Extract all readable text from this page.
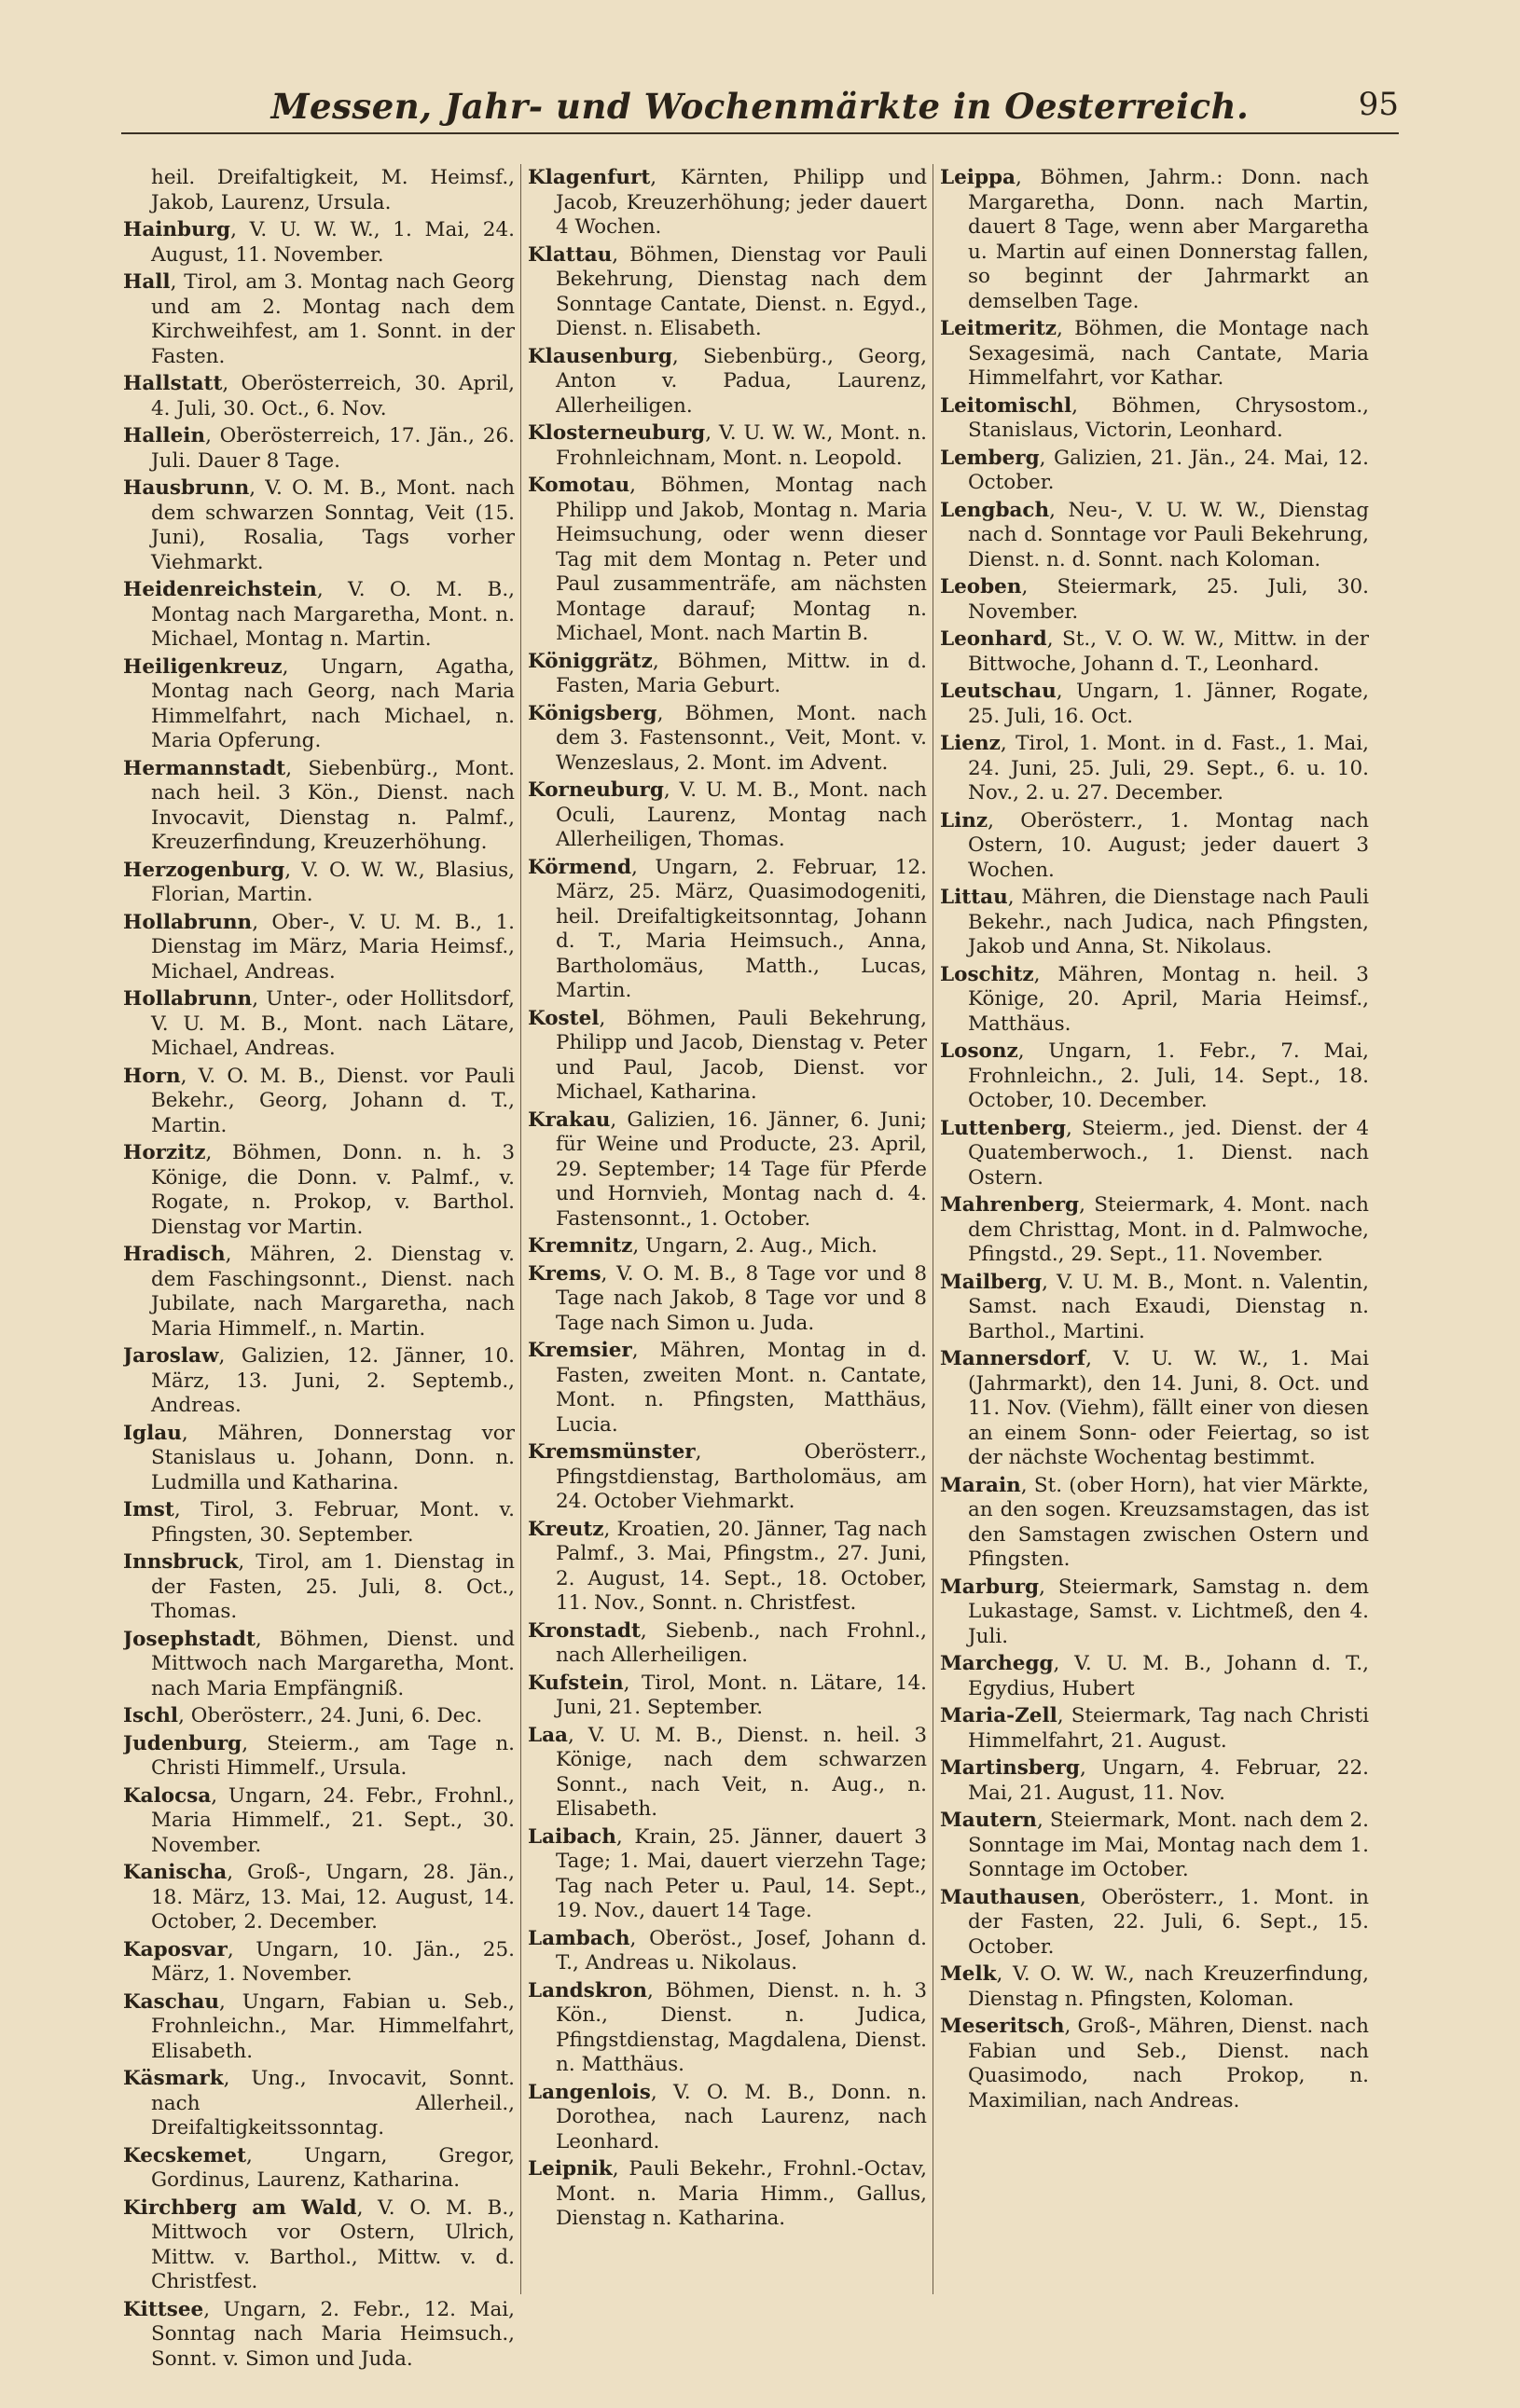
Messen, Jahr- und Wochenmärkte in Oesterreich.	95

heil. Dreifaltigkeit, M. Heimsf., Jakob, Laurenz, Ursula.

Hainburg, V. U. W. W., 1. Mai, 24. August, 11. November.

Hall, Tirol, am 3. Montag nach Georg und am 2. Montag nach dem Kirchweihfest, am 1. Sonnt. in der Fasten.

Hallstatt, Oberösterreich, 30. April, 4. Juli, 30. Oct., 6. Nov.

Hallein, Oberösterreich, 17. Jän., 26. Juli. Dauer 8 Tage.

Hausbrunn, V. O. M. B., Mont. nach dem schwarzen Sonntag, Veit (15. Juni), Rosalia, Tags vorher Viehmarkt.

Heidenreichstein, V. O. M. B., Montag nach Margaretha, Mont. n. Michael, Montag n. Martin.

Heiligenkreuz, Ungarn, Agatha, Montag nach Georg, nach Maria Himmelfahrt, nach Michael, n. Maria Opferung.

Hermannstadt, Siebenbürg., Mont. nach heil. 3 Kön., Dienst. nach Invocavit, Dienstag n. Palmf., Kreuzerfindung, Kreuzerhöhung.

Herzogenburg, V. O. W. W., Blasius, Florian, Martin.

Hollabrunn, Ober-, V. U. M. B., 1. Dienstag im März, Maria Heimsf., Michael, Andreas.

Hollabrunn, Unter-, oder Hollitsdorf, V. U. M. B., Mont. nach Lätare, Michael, Andreas.

Horn, V. O. M. B., Dienst. vor Pauli Bekehr., Georg, Johann d. T., Martin.

Horzitz, Böhmen, Donn. n. h. 3 Könige, die Donn. v. Palmf., v. Rogate, n. Prokop, v. Barthol. Dienstag vor Martin.

Hradisch, Mähren, 2. Dienstag v. dem Faschingsonnt., Dienst. nach Jubilate, nach Margaretha, nach Maria Himmelf., n. Martin.

Jaroslaw, Galizien, 12. Jänner, 10. März, 13. Juni, 2. Septemb., Andreas.

Iglau, Mähren, Donnerstag vor Stanislaus u. Johann, Donn. n. Ludmilla und Katharina.

Imst, Tirol, 3. Februar, Mont. v. Pfingsten, 30. September.

Innsbruck, Tirol, am 1. Dienstag in der Fasten, 25. Juli, 8. Oct., Thomas.

Josephstadt, Böhmen, Dienst. und Mittwoch nach Margaretha, Mont. nach Maria Empfängniß.

Ischl, Oberösterr., 24. Juni, 6. Dec.

Judenburg, Steierm., am Tage n. Christi Himmelf., Ursula.

Kalocsa, Ungarn, 24. Febr., Frohnl., Maria Himmelf., 21. Sept., 30. November.

Kanischa, Groß-, Ungarn, 28. Jän., 18. März, 13. Mai, 12. August, 14. October, 2. December.

Kaposvar, Ungarn, 10. Jän., 25. März, 1. November.

Kaschau, Ungarn, Fabian u. Seb., Frohnleichn., Mar. Himmelfahrt, Elisabeth.

Käsmark, Ung., Invocavit, Sonnt. nach Allerheil., Dreifaltigkeitssonntag.

Kecskemet, Ungarn, Gregor, Gordinus, Laurenz, Katharina.

Kirchberg am Wald, V. O. M. B., Mittwoch vor Ostern, Ulrich, Mittw. v. Barthol., Mittw. v. d. Christfest.

Kittsee, Ungarn, 2. Febr., 12. Mai, Sonntag nach Maria Heimsuch., Sonnt. v. Simon und Juda.

Klagenfurt, Kärnten, Philipp und Jacob, Kreuzerhöhung; jeder dauert 4 Wochen.

Klattau, Böhmen, Dienstag vor Pauli Bekehrung, Dienstag nach dem Sonntage Cantate, Dienst. n. Egyd., Dienst. n. Elisabeth.

Klausenburg, Siebenbürg., Georg, Anton v. Padua, Laurenz, Allerheiligen.

Klosterneuburg, V. U. W. W., Mont. n. Frohnleichnam, Mont. n. Leopold.

Komotau, Böhmen, Montag nach Philipp und Jakob, Montag n. Maria Heimsuchung, oder wenn dieser Tag mit dem Montag n. Peter und Paul zusammenträfe, am nächsten Montage darauf; Montag n. Michael, Mont. nach Martin B.

Königgrätz, Böhmen, Mittw. in d. Fasten, Maria Geburt.

Königsberg, Böhmen, Mont. nach dem 3. Fastensonnt., Veit, Mont. v. Wenzeslaus, 2. Mont. im Advent.

Korneuburg, V. U. M. B., Mont. nach Oculi, Laurenz, Montag nach Allerheiligen, Thomas.

Körmend, Ungarn, 2. Februar, 12. März, 25. März, Quasimodogeniti, heil. Dreifaltigkeitsonntag, Johann d. T., Maria Heimsuch., Anna, Bartholomäus, Matth., Lucas, Martin.

Kostel, Böhmen, Pauli Bekehrung, Philipp und Jacob, Dienstag v. Peter und Paul, Jacob, Dienst. vor Michael, Katharina.

Krakau, Galizien, 16. Jänner, 6. Juni; für Weine und Producte, 23. April, 29. September; 14 Tage für Pferde und Hornvieh, Montag nach d. 4. Fastensonnt., 1. October.

Kremnitz, Ungarn, 2. Aug., Mich.

Krems, V. O. M. B., 8 Tage vor und 8 Tage nach Jakob, 8 Tage vor und 8 Tage nach Simon u. Juda.

Kremsier, Mähren, Montag in d. Fasten, zweiten Mont. n. Cantate, Mont. n. Pfingsten, Matthäus, Lucia.

Kremsmünster, Oberösterr., Pfingstdienstag, Bartholomäus, am 24. October Viehmarkt.

Kreutz, Kroatien, 20. Jänner, Tag nach Palmf., 3. Mai, Pfingstm., 27. Juni, 2. August, 14. Sept., 18. October, 11. Nov., Sonnt. n. Christfest.

Kronstadt, Siebenb., nach Frohnl., nach Allerheiligen.

Kufstein, Tirol, Mont. n. Lätare, 14. Juni, 21. September.

Laa, V. U. M. B., Dienst. n. heil. 3 Könige, nach dem schwarzen Sonnt., nach Veit, n. Aug., n. Elisabeth.

Laibach, Krain, 25. Jänner, dauert 3 Tage; 1. Mai, dauert vierzehn Tage; Tag nach Peter u. Paul, 14. Sept., 19. Nov., dauert 14 Tage.

Lambach, Oberöst., Josef, Johann d. T., Andreas u. Nikolaus.

Landskron, Böhmen, Dienst. n. h. 3 Kön., Dienst. n. Judica, Pfingstdienstag, Magdalena, Dienst. n. Matthäus.

Langenlois, V. O. M. B., Donn. n. Dorothea, nach Laurenz, nach Leonhard.

Leipnik, Pauli Bekehr., Frohnl.-Octav, Mont. n. Maria Himm., Gallus, Dienstag n. Katharina.

Leippa, Böhmen, Jahrm.: Donn. nach Margaretha, Donn. nach Martin, dauert 8 Tage, wenn aber Margaretha u. Martin auf einen Donnerstag fallen, so beginnt der Jahrmarkt an demselben Tage.

Leitmeritz, Böhmen, die Montage nach Sexagesimä, nach Cantate, Maria Himmelfahrt, vor Kathar.

Leitomischl, Böhmen, Chrysostom., Stanislaus, Victorin, Leonhard.

Lemberg, Galizien, 21. Jän., 24. Mai, 12. October.

Lengbach, Neu-, V. U. W. W., Dienstag nach d. Sonntage vor Pauli Bekehrung, Dienst. n. d. Sonnt. nach Koloman.

Leoben, Steiermark, 25. Juli, 30. November.

Leonhard, St., V. O. W. W., Mittw. in der Bittwoche, Johann d. T., Leonhard.

Leutschau, Ungarn, 1. Jänner, Rogate, 25. Juli, 16. Oct.

Lienz, Tirol, 1. Mont. in d. Fast., 1. Mai, 24. Juni, 25. Juli, 29. Sept., 6. u. 10. Nov., 2. u. 27. December.

Linz, Oberösterr., 1. Montag nach Ostern, 10. August; jeder dauert 3 Wochen.

Littau, Mähren, die Dienstage nach Pauli Bekehr., nach Judica, nach Pfingsten, Jakob und Anna, St. Nikolaus.

Loschitz, Mähren, Montag n. heil. 3 Könige, 20. April, Maria Heimsf., Matthäus.

Losonz, Ungarn, 1. Febr., 7. Mai, Frohnleichn., 2. Juli, 14. Sept., 18. October, 10. December.

Luttenberg, Steierm., jed. Dienst. der 4 Quatemberwoch., 1. Dienst. nach Ostern.

Mahrenberg, Steiermark, 4. Mont. nach dem Christtag, Mont. in d. Palmwoche, Pfingstd., 29. Sept., 11. November.

Mailberg, V. U. M. B., Mont. n. Valentin, Samst. nach Exaudi, Dienstag n. Barthol., Martini.

Mannersdorf, V. U. W. W., 1. Mai (Jahrmarkt), den 14. Juni, 8. Oct. und 11. Nov. (Viehm), fällt einer von diesen an einem Sonn- oder Feiertag, so ist der nächste Wochentag bestimmt.

Marain, St. (ober Horn), hat vier Märkte, an den sogen. Kreuzsamstagen, das ist den Samstagen zwischen Ostern und Pfingsten.

Marburg, Steiermark, Samstag n. dem Lukastage, Samst. v. Lichtmeß, den 4. Juli.

Marchegg, V. U. M. B., Johann d. T., Egydius, Hubert

Maria-Zell, Steiermark, Tag nach Christi Himmelfahrt, 21. August.

Martinsberg, Ungarn, 4. Februar, 22. Mai, 21. August, 11. Nov.

Mautern, Steiermark, Mont. nach dem 2. Sonntage im Mai, Montag nach dem 1. Sonntage im October.

Mauthausen, Oberösterr., 1. Mont. in der Fasten, 22. Juli, 6. Sept., 15. October.

Melk, V. O. W. W., nach Kreuzerfindung, Dienstag n. Pfingsten, Koloman.

Meseritsch, Groß-, Mähren, Dienst. nach Fabian und Seb., Dienst. nach Quasimodo, nach Prokop, n. Maximilian, nach Andreas.
